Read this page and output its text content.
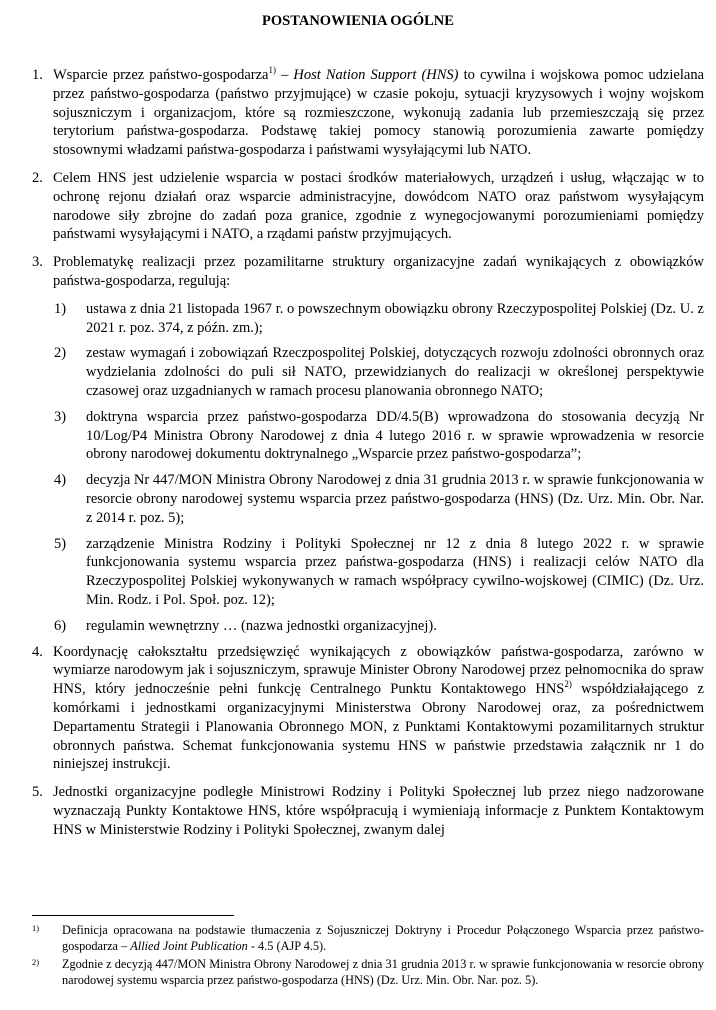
POSTANOWIENIA OGÓLNE
1. Wsparcie przez państwo-gospodarza$^{1)}$ – Host Nation Support (HNS) to cywilna i wojskowa pomoc udzielana przez państwo-gospodarza (państwo przyjmujące) w czasie pokoju, sytuacji kryzysowych i wojny wojskom sojuszniczym i organizacjom, które są rozmieszczone, wykonują zadania lub przemieszczają się przez terytorium państwa-gospodarza. Podstawę takiej pomocy stanowią porozumienia zawarte pomiędzy stosownymi władzami państwa-gospodarza i państwami wysyłającymi lub NATO.
2. Celem HNS jest udzielenie wsparcia w postaci środków materiałowych, urządzeń i usług, włączając w to ochronę rejonu działań oraz wsparcie administracyjne, dowódcom NATO oraz państwom wysyłającym narodowe siły zbrojne do zadań poza granice, zgodnie z wynegocjowanymi porozumieniami pomiędzy państwami wysyłającymi i NATO, a rządami państw przyjmujących.
3. Problematykę realizacji przez pozamilitarne struktury organizacyjne zadań wynikających z obowiązków państwa-gospodarza, regulują:
1) ustawa z dnia 21 listopada 1967 r. o powszechnym obowiązku obrony Rzeczypospolitej Polskiej (Dz. U. z 2021 r. poz. 374, z późn. zm.);
2) zestaw wymagań i zobowiązań Rzeczpospolitej Polskiej, dotyczących rozwoju zdolności obronnych oraz wydzielania zdolności do puli sił NATO, przewidzianych do realizacji w określonej perspektywie czasowej oraz uzgadnianych w ramach procesu planowania obronnego NATO;
3) doktryna wsparcia przez państwo-gospodarza DD/4.5(B) wprowadzona do stosowania decyzją Nr 10/Log/P4 Ministra Obrony Narodowej z dnia 4 lutego 2016 r. w sprawie wprowadzenia w resorcie obrony narodowej dokumentu doktrynalnego „Wsparcie przez państwo-gospodarza”;
4) decyzja Nr 447/MON Ministra Obrony Narodowej z dnia 31 grudnia 2013 r. w sprawie funkcjonowania w resorcie obrony narodowej systemu wsparcia przez państwo-gospodarza (HNS) (Dz. Urz. Min. Obr. Nar. z 2014 r. poz. 5);
5) zarządzenie Ministra Rodziny i Polityki Społecznej nr 12 z dnia 8 lutego 2022 r. w sprawie funkcjonowania systemu wsparcia przez państwa-gospodarza (HNS) i realizacji celów NATO dla Rzeczypospolitej Polskiej wykonywanych w ramach współpracy cywilno-wojskowej (CIMIC) (Dz. Urz. Min. Rodz. i Pol. Społ. poz. 12);
6) regulamin wewnętrzny … (nazwa jednostki organizacyjnej).
4. Koordynację całokształtu przedsięwzięć wynikających z obowiązków państwa-gospodarza, zarówno w wymiarze narodowym jak i sojuszniczym, sprawuje Minister Obrony Narodowej przez pełnomocnika do spraw HNS, który jednocześnie pełni funkcję Centralnego Punktu Kontaktowego HNS$^{2)}$ współdziałającego z komórkami i jednostkami organizacyjnymi Ministerstwa Obrony Narodowej oraz, za pośrednictwem Departamentu Strategii i Planowania Obronnego MON, z Punktami Kontaktowymi pozamilitarnych struktur obronnych państwa. Schemat funkcjonowania systemu HNS w państwie przedstawia załącznik nr 1 do niniejszej instrukcji.
5. Jednostki organizacyjne podległe Ministrowi Rodziny i Polityki Społecznej lub przez niego nadzorowane wyznaczają Punkty Kontaktowe HNS, które współpracują i wymieniają informacje z Punktem Kontaktowym HNS w Ministerstwie Rodziny i Polityki Społecznej, zwanym dalej
1) Definicja opracowana na podstawie tłumaczenia z Sojuszniczej Doktryny i Procedur Połączonego Wsparcia przez państwo-gospodarza – Allied Joint Publication - 4.5 (AJP 4.5).
2) Zgodnie z decyzją 447/MON Ministra Obrony Narodowej z dnia 31 grudnia 2013 r. w sprawie funkcjonowania w resorcie obrony narodowej systemu wsparcia przez państwo-gospodarza (HNS) (Dz. Urz. Min. Obr. Nar. poz. 5).
